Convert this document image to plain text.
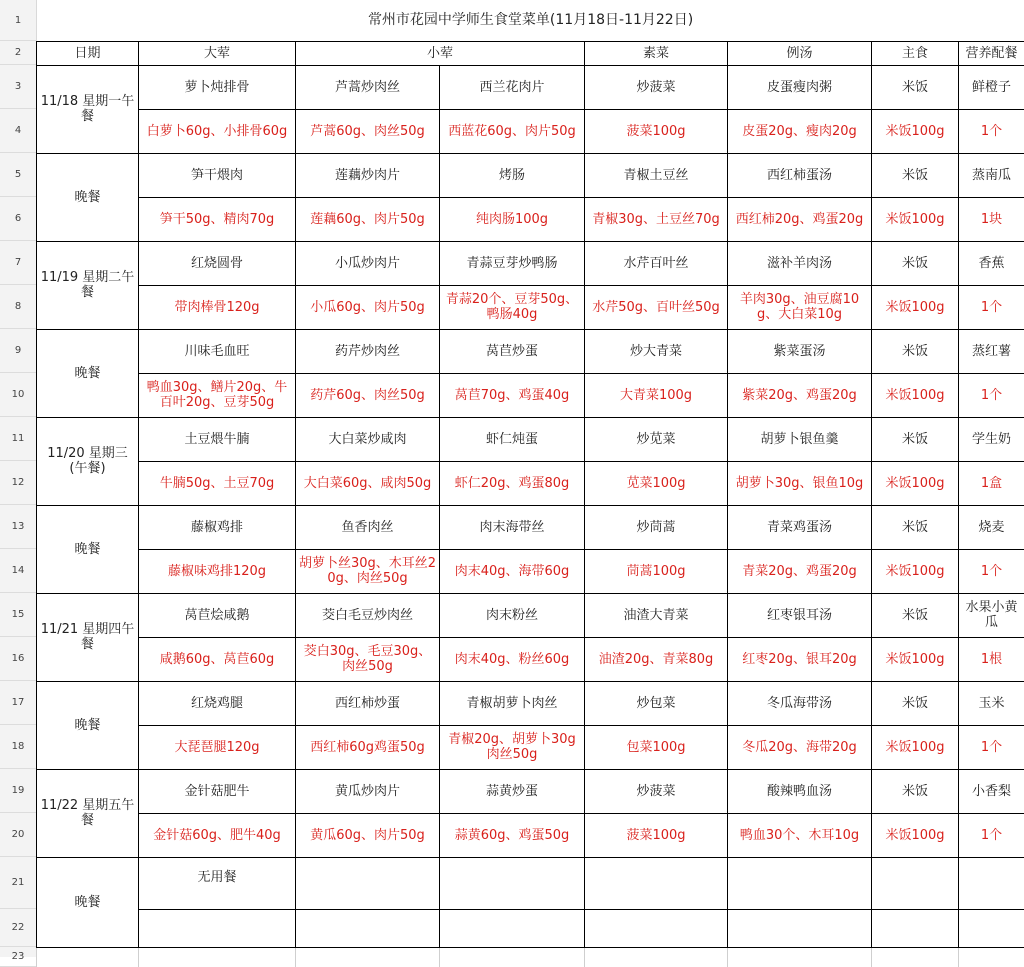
1
2
3
4
5
6
7
8
9
10
11
12
13
14
15
16
17
18
19
20
21
22
23
常州市花园中学师生食堂菜单(11月18日-11月22日)							
日期	大荤	小荤		素菜	例汤	主食	营养配餐
11/18 星期一午餐	萝卜炖排骨	芦蒿炒肉丝	西兰花肉片	炒菠菜	皮蛋瘦肉粥	米饭	鲜橙子
	白萝卜60g、小排骨60g	芦蒿60g、肉丝50g	西蓝花60g、肉片50g	菠菜100g	皮蛋20g、瘦肉20g	米饭100g	1个
晚餐	笋干煨肉	莲藕炒肉片	烤肠	青椒土豆丝	西红柿蛋汤	米饭	蒸南瓜
	笋干50g、精肉70g	莲藕60g、肉片50g	纯肉肠100g	青椒30g、土豆丝70g	西红柿20g、鸡蛋20g	米饭100g	1块
11/19 星期二午餐	红烧圆骨	小瓜炒肉片	青蒜豆芽炒鸭肠	水芹百叶丝	滋补羊肉汤	米饭	香蕉
	带肉棒骨120g	小瓜60g、肉片50g	青蒜20个、豆芽50g、鸭肠40g	水芹50g、百叶丝50g	羊肉30g、油豆腐10g、大白菜10g	米饭100g	1个
晚餐	川味毛血旺	药芹炒肉丝	莴苣炒蛋	炒大青菜	紫菜蛋汤	米饭	蒸红薯
	鸭血30g、鳝片20g、牛百叶20g、豆芽50g	药芹60g、肉丝50g	莴苣70g、鸡蛋40g	大青菜100g	紫菜20g、鸡蛋20g	米饭100g	1个
11/20 星期三(午餐)	土豆煨牛腩	大白菜炒咸肉	虾仁炖蛋	炒苋菜	胡萝卜银鱼羹	米饭	学生奶
	牛腩50g、土豆70g	大白菜60g、咸肉50g	虾仁20g、鸡蛋80g	苋菜100g	胡萝卜30g、银鱼10g	米饭100g	1盒
晚餐	藤椒鸡排	鱼香肉丝	肉末海带丝	炒茼蒿	青菜鸡蛋汤	米饭	烧麦
	藤椒味鸡排120g	胡萝卜丝30g、木耳丝20g、肉丝50g	肉末40g、海带60g	茼蒿100g	青菜20g、鸡蛋20g	米饭100g	1个
11/21 星期四午餐	莴苣烩咸鹅	茭白毛豆炒肉丝	肉末粉丝	油渣大青菜	红枣银耳汤	米饭	水果小黄瓜
	咸鹅60g、莴苣60g	茭白30g、毛豆30g、肉丝50g	肉末40g、粉丝60g	油渣20g、青菜80g	红枣20g、银耳20g	米饭100g	1根
晚餐	红烧鸡腿	西红柿炒蛋	青椒胡萝卜肉丝	炒包菜	冬瓜海带汤	米饭	玉米
	大琵琶腿120g	西红柿60g鸡蛋50g	青椒20g、胡萝卜30g肉丝50g	包菜100g	冬瓜20g、海带20g	米饭100g	1个
11/22 星期五午餐	金针菇肥牛	黄瓜炒肉片	蒜黄炒蛋	炒菠菜	酸辣鸭血汤	米饭	小香梨
	金针菇60g、肥牛40g	黄瓜60g、肉片50g	蒜黄60g、鸡蛋50g	菠菜100g	鸭血30个、木耳10g	米饭100g	1个
晚餐	无用餐						
